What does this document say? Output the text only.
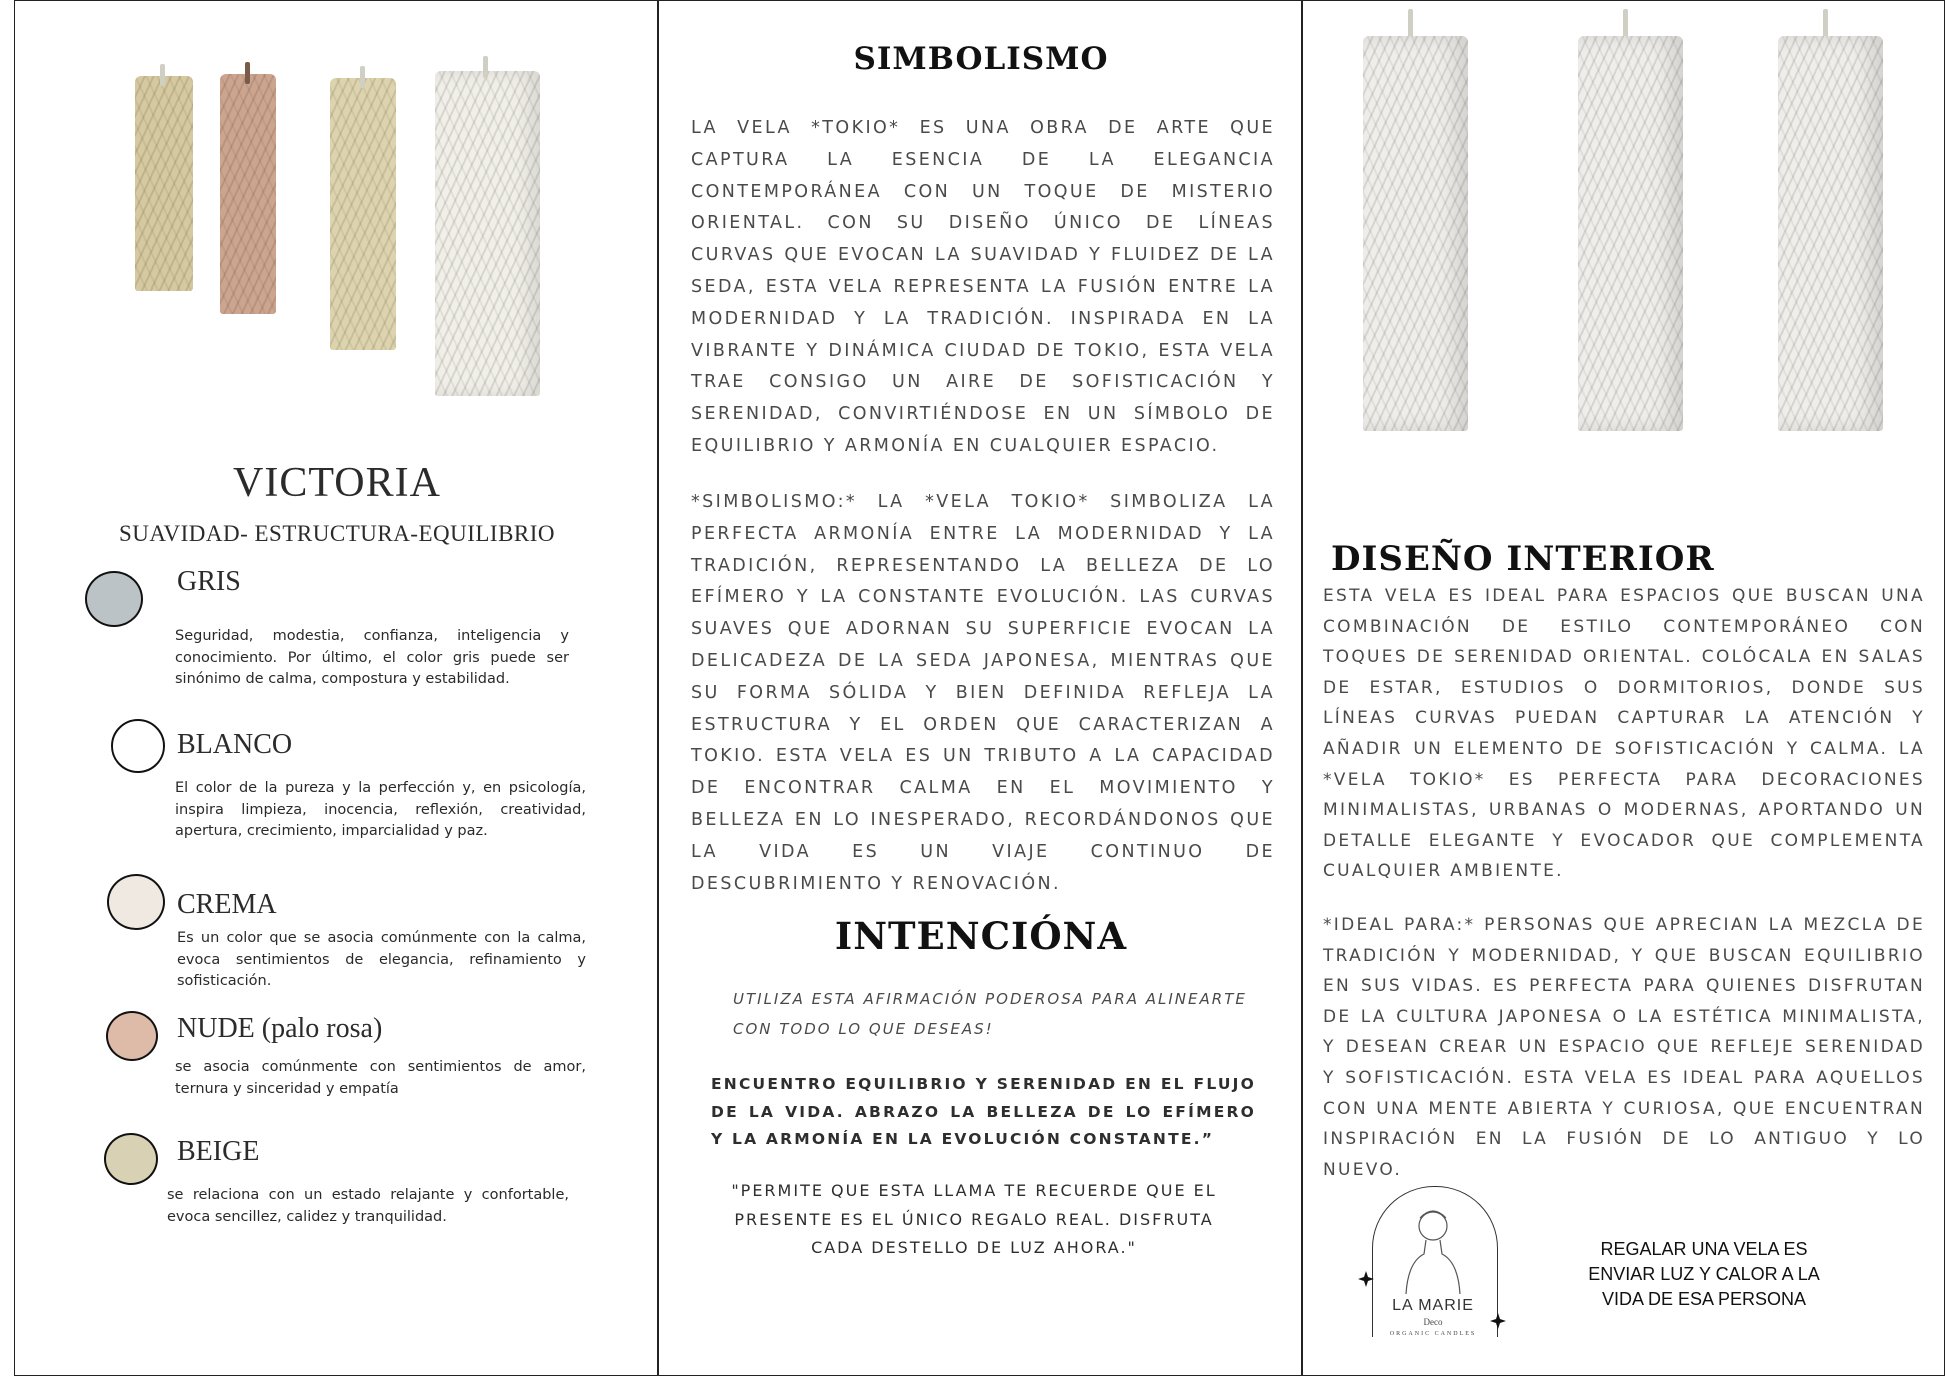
VICTORIA
SUAVIDAD- ESTRUCTURA-EQUILIBRIO
GRIS
Seguridad, modestia, confianza, inteligencia y conocimiento. Por último, el color gris puede ser sinónimo de calma, compostura y estabilidad.
BLANCO
El color de la pureza y la perfección y, en psicología, inspira limpieza, inocencia, reflexión, creatividad, apertura, crecimiento, imparcialidad y paz.
CREMA
Es un color que se asocia comúnmente con la calma, evoca sentimientos de elegancia, refinamiento y sofisticación.
NUDE (palo rosa)
se asocia comúnmente con sentimientos de amor, ternura y sinceridad y empatía
BEIGE
se relaciona con un estado relajante y confortable, evoca sencillez, calidez y tranquilidad.
SIMBOLISMO
LA VELA *TOKIO* ES UNA OBRA DE ARTE QUE CAPTURA LA ESENCIA DE LA ELEGANCIA CONTEMPORÁNEA CON UN TOQUE DE MISTERIO ORIENTAL. CON SU DISEÑO ÚNICO DE LÍNEAS CURVAS QUE EVOCAN LA SUAVIDAD Y FLUIDEZ DE LA SEDA, ESTA VELA REPRESENTA LA FUSIÓN ENTRE LA MODERNIDAD Y LA TRADICIÓN. INSPIRADA EN LA VIBRANTE Y DINÁMICA CIUDAD DE TOKIO, ESTA VELA TRAE CONSIGO UN AIRE DE SOFISTICACIÓN Y SERENIDAD, CONVIRTIÉNDOSE EN UN SÍMBOLO DE EQUILIBRIO Y ARMONÍA EN CUALQUIER ESPACIO.
*SIMBOLISMO:* LA *VELA TOKIO* SIMBOLIZA LA PERFECTA ARMONÍA ENTRE LA MODERNIDAD Y LA TRADICIÓN, REPRESENTANDO LA BELLEZA DE LO EFÍMERO Y LA CONSTANTE EVOLUCIÓN. LAS CURVAS SUAVES QUE ADORNAN SU SUPERFICIE EVOCAN LA DELICADEZA DE LA SEDA JAPONESA, MIENTRAS QUE SU FORMA SÓLIDA Y BIEN DEFINIDA REFLEJA LA ESTRUCTURA Y EL ORDEN QUE CARACTERIZAN A TOKIO. ESTA VELA ES UN TRIBUTO A LA CAPACIDAD DE ENCONTRAR CALMA EN EL MOVIMIENTO Y BELLEZA EN LO INESPERADO, RECORDÁNDONOS QUE LA VIDA ES UN VIAJE CONTINUO DE DESCUBRIMIENTO Y RENOVACIÓN.
INTENCIÓNA
UTILIZA ESTA AFIRMACIÓN PODEROSA PARA ALINEARTE CON TODO LO QUE DESEAS!
ENCUENTRO EQUILIBRIO Y SERENIDAD EN EL FLUJO DE LA VIDA. ABRAZO LA BELLEZA DE LO EFÍMERO Y LA ARMONÍA EN LA EVOLUCIÓN CONSTANTE.”
"PERMITE QUE ESTA LLAMA TE RECUERDE QUE EL PRESENTE ES EL ÚNICO REGALO REAL. DISFRUTA CADA DESTELLO DE LUZ AHORA."
DISEÑO INTERIOR
ESTA VELA ES IDEAL PARA ESPACIOS QUE BUSCAN UNA COMBINACIÓN DE ESTILO CONTEMPORÁNEO CON TOQUES DE SERENIDAD ORIENTAL. COLÓCALA EN SALAS DE ESTAR, ESTUDIOS O DORMITORIOS, DONDE SUS LÍNEAS CURVAS PUEDAN CAPTURAR LA ATENCIÓN Y AÑADIR UN ELEMENTO DE SOFISTICACIÓN Y CALMA. LA *VELA TOKIO* ES PERFECTA PARA DECORACIONES MINIMALISTAS, URBANAS O MODERNAS, APORTANDO UN DETALLE ELEGANTE Y EVOCADOR QUE COMPLEMENTA CUALQUIER AMBIENTE.
*IDEAL PARA:* PERSONAS QUE APRECIAN LA MEZCLA DE TRADICIÓN Y MODERNIDAD, Y QUE BUSCAN EQUILIBRIO EN SUS VIDAS. ES PERFECTA PARA QUIENES DISFRUTAN DE LA CULTURA JAPONESA O LA ESTÉTICA MINIMALISTA, Y DESEAN CREAR UN ESPACIO QUE REFLEJE SERENIDAD Y SOFISTICACIÓN. ESTA VELA ES IDEAL PARA AQUELLOS CON UNA MENTE ABIERTA Y CURIOSA, QUE ENCUENTRAN INSPIRACIÓN EN LA FUSIÓN DE LO ANTIGUO Y LO NUEVO.
LA MARIE
Deco
ORGANIC CANDLES
REGALAR UNA VELA ES ENVIAR LUZ Y CALOR A LA VIDA DE ESA PERSONA
